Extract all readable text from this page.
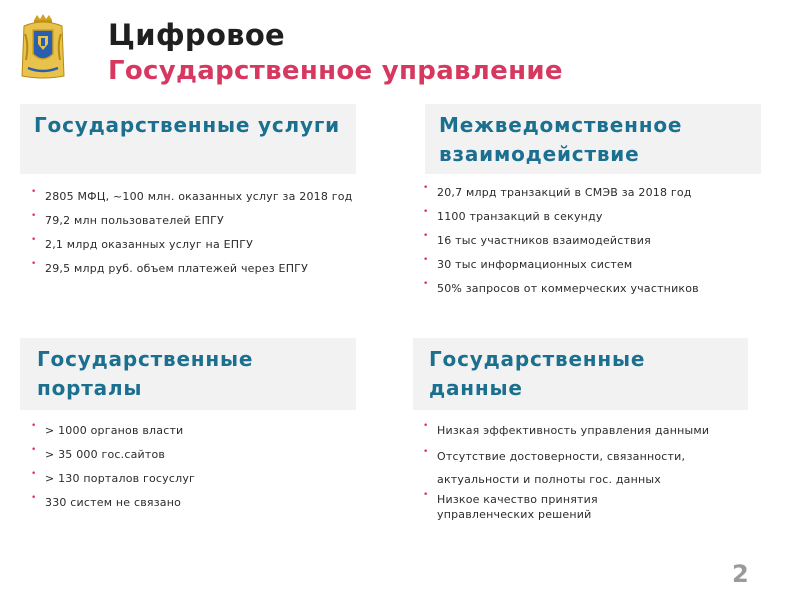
Цифровое
Государственное управление
Государственные услуги
• 2805 МФЦ, ~100 млн. оказанных услуг за 2018 год
• 79,2 млн пользователей ЕПГУ
• 2,1 млрд оказанных услуг на ЕПГУ
• 29,5 млрд руб. объем платежей через ЕПГУ
Межведомственное взаимодействие
• 20,7 млрд транзакций в СМЭВ за 2018 год
• 1100 транзакций в секунду
• 16 тыс участников взаимодействия
• 30 тыс информационных систем
• 50% запросов от коммерческих участников
Государственные порталы
• > 1000 органов власти
• > 35 000 гос.сайтов
• > 130 порталов госуслуг
• 330 систем не связано
Государственные данные
• Низкая эффективность управления данными
• Отсутствие достоверности, связанности,
актуальности и полноты гос. данных
• Низкое качество принятия
управленческих решений
2
